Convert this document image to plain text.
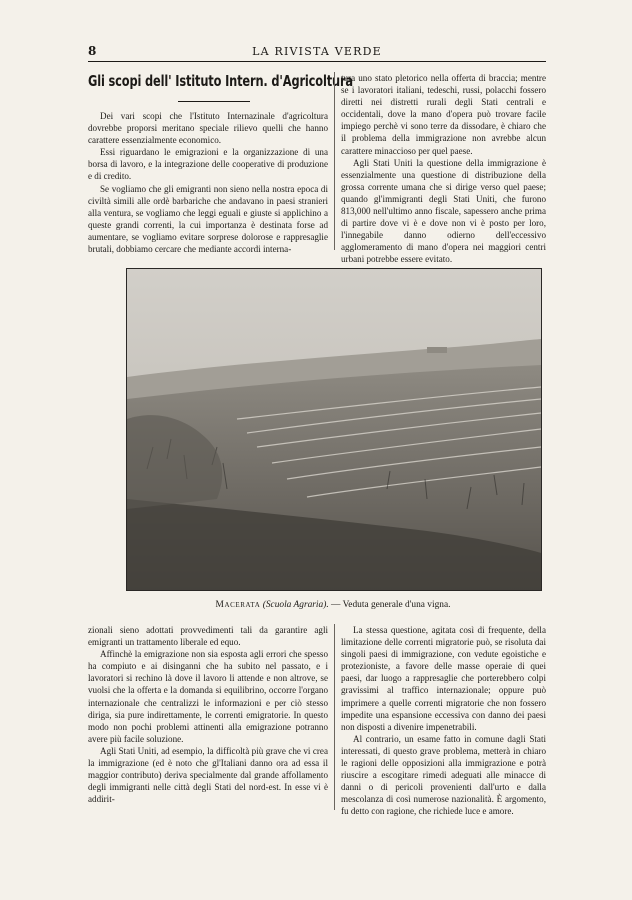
8	LA RIVISTA VERDE
Gli scopi dell' Istituto Intern. d'Agricoltura

Dei vari scopi che l'Istituto Internazinale d'agricoltura dovrebbe proporsi meritano speciale rilievo quelli che hanno carattere essenzialmente economico.

Essi riguardano le emigrazioni e la organizzazione di una borsa di lavoro, e la integrazione delle cooperative di produzione e di credito.

Se vogliamo che gli emigranti non sieno nella nostra epoca di civiltà simili alle ordè barbariche che andavano in paesi stranieri alla ventura, se vogliamo che leggi eguali e giuste si applichino a queste grandi correnti, la cui importanza è destinata forse ad aumentare, se vogliamo evitare sorprese dolorose e rappresaglie brutali, dobbiamo cercare che mediante accordi interna-

tura uno stato pletorico nella offerta di braccia; mentre se i lavoratori italiani, tedeschi, russi, polacchi fossero diretti nei distretti rurali degli Stati centrali e occidentali, dove la mano d'opera può trovare facile impiego perchè vi sono terre da dissodare, è chiaro che il problema della immigrazione non avrebbe alcun carattere minaccioso per quel paese.

Agli Stati Uniti la questione della immigrazione è essenzialmente una questione di distribuzione della grossa corrente umana che si dirige verso quel paese; quando gl'immigranti degli Stati Uniti, che furono 813,000 nell'ultimo anno fiscale, sapessero anche prima di partire dove vi è e dove non vi è posto per loro, l'innegabile danno odierno dell'eccessivo agglomeramento di mano d'opera nei maggiori centri urbani potrebbe essere evitato.

Macerata (Scuola Agraria). — Veduta generale d'una vigna.

zionali sieno adottati provvedimenti tali da garantire agli emigranti un trattamento liberale ed equo.

Affinchè la emigrazione non sia esposta agli errori che spesso ha compiuto e ai disinganni che ha subito nel passato, e i lavoratori si rechino là dove il lavoro li attende e non altrove, se vuolsi che la offerta e la domanda si equilibrino, occorre l'organo internazionale che centralizzi le informazioni e per ciò stesso diriga, sia pure indirettamente, le correnti emigratorie. In questo modo non pochi problemi attinenti alla emigrazione potranno avere più facile soluzione.

Agli Stati Uniti, ad esempio, la difficoltà più grave che vi crea la immigrazione (ed è noto che gl'Italiani danno ora ad essa il maggior contributo) deriva specialmente dal grande affollamento degli immigranti nelle città degli Stati del nord-est. In esse vi è addirit-

La stessa questione, agitata così di frequente, della limitazione delle correnti migratorie può, se risoluta dai singoli paesi di immigrazione, con vedute egoistiche e protezioniste, a favore delle masse operaie di quei paesi, dar luogo a rappresaglie che porterebbero colpi gravissimi al traffico internazionale; oppure può imprimere a quelle correnti migratorie che non fossero impedite una espansione eccessiva con danno dei paesi non disposti a divenire impenetrabili.

Al contrario, un esame fatto in comune dagli Stati interessati, di questo grave problema, metterà in chiaro le ragioni delle opposizioni alla immigrazione e potrà riuscire a escogitare rimedi adeguati alle minacce di danni o di pericoli provenienti dall'urto e dalla mescolanza di così numerose nazionalità. È argomento, fu detto con ragione, che richiede luce e amore.
